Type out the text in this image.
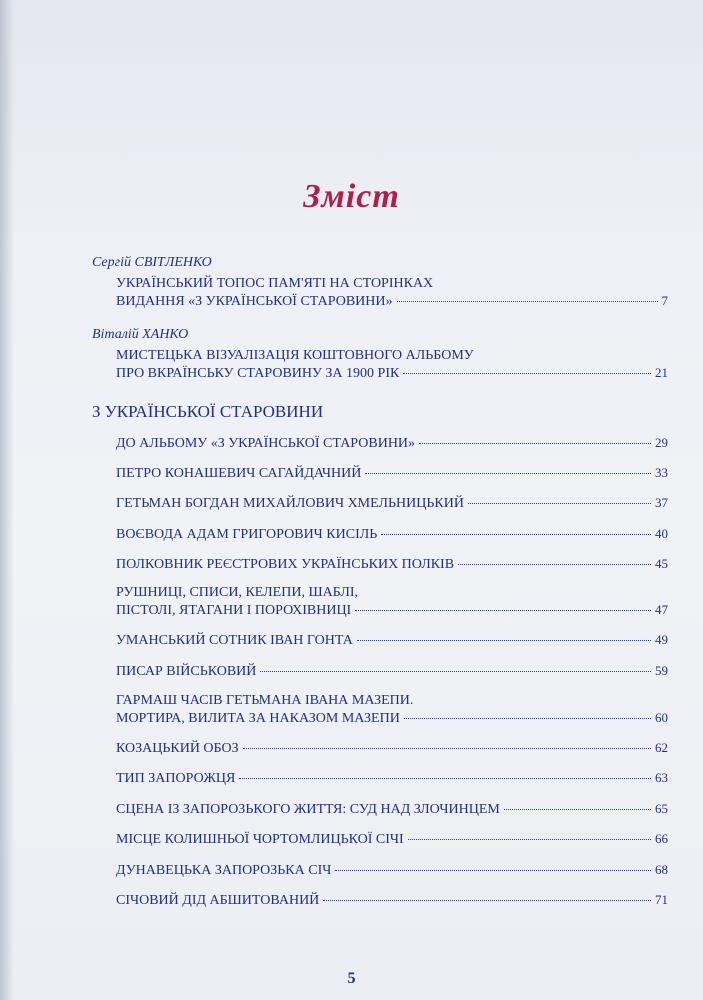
Зміст
Сергій СВІТЛЕНКО
УКРАЇНСЬКИЙ ТОПОС ПАМ'ЯТІ НА СТОРІНКАХ
ВИДАННЯ «З УКРАЇНСЬКОЇ СТАРОВИНИ»	7
Віталій ХАНКО
МИСТЕЦЬКА ВІЗУАЛІЗАЦІЯ КОШТОВНОГО АЛЬБОМУ
ПРО ВКРАЇНСЬКУ СТАРОВИНУ ЗА 1900 РІК	21
З УКРАЇНСЬКОЇ СТАРОВИНИ
ДО АЛЬБОМУ «З УКРАЇНСЬКОЇ СТАРОВИНИ»	29
ПЕТРО КОНАШЕВИЧ САГАЙДАЧНИЙ	33
ГЕТЬМАН БОГДАН МИХАЙЛОВИЧ ХМЕЛЬНИЦЬКИЙ	37
ВОЄВОДА АДАМ ГРИГОРОВИЧ КИСІЛЬ	40
ПОЛКОВНИК РЕЄСТРОВИХ УКРАЇНСЬКИХ ПОЛКІВ	45
РУШНИЦІ, СПИСИ, КЕЛЕПИ, ШАБЛІ,
ПІСТОЛІ, ЯТАГАНИ І ПОРОХІВНИЦІ	47
УМАНСЬКИЙ СОТНИК ІВАН ГОНТА	49
ПИСАР ВІЙСЬКОВИЙ	59
ГАРМАШ ЧАСІВ ГЕТЬМАНА ІВАНА МАЗЕПИ.
МОРТИРА, ВИЛИТА ЗА НАКАЗОМ МАЗЕПИ	60
КОЗАЦЬКИЙ ОБОЗ	62
ТИП ЗАПОРОЖЦЯ	63
СЦЕНА ІЗ ЗАПОРОЗЬКОГО ЖИТТЯ: СУД НАД ЗЛОЧИНЦЕМ	65
МІСЦЕ КОЛИШНЬОЇ ЧОРТОМЛИЦЬКОЇ СІЧІ	66
ДУНАВЕЦЬКА ЗАПОРОЗЬКА СІЧ	68
СІЧОВИЙ ДІД АБШИТОВАНИЙ	71
5
